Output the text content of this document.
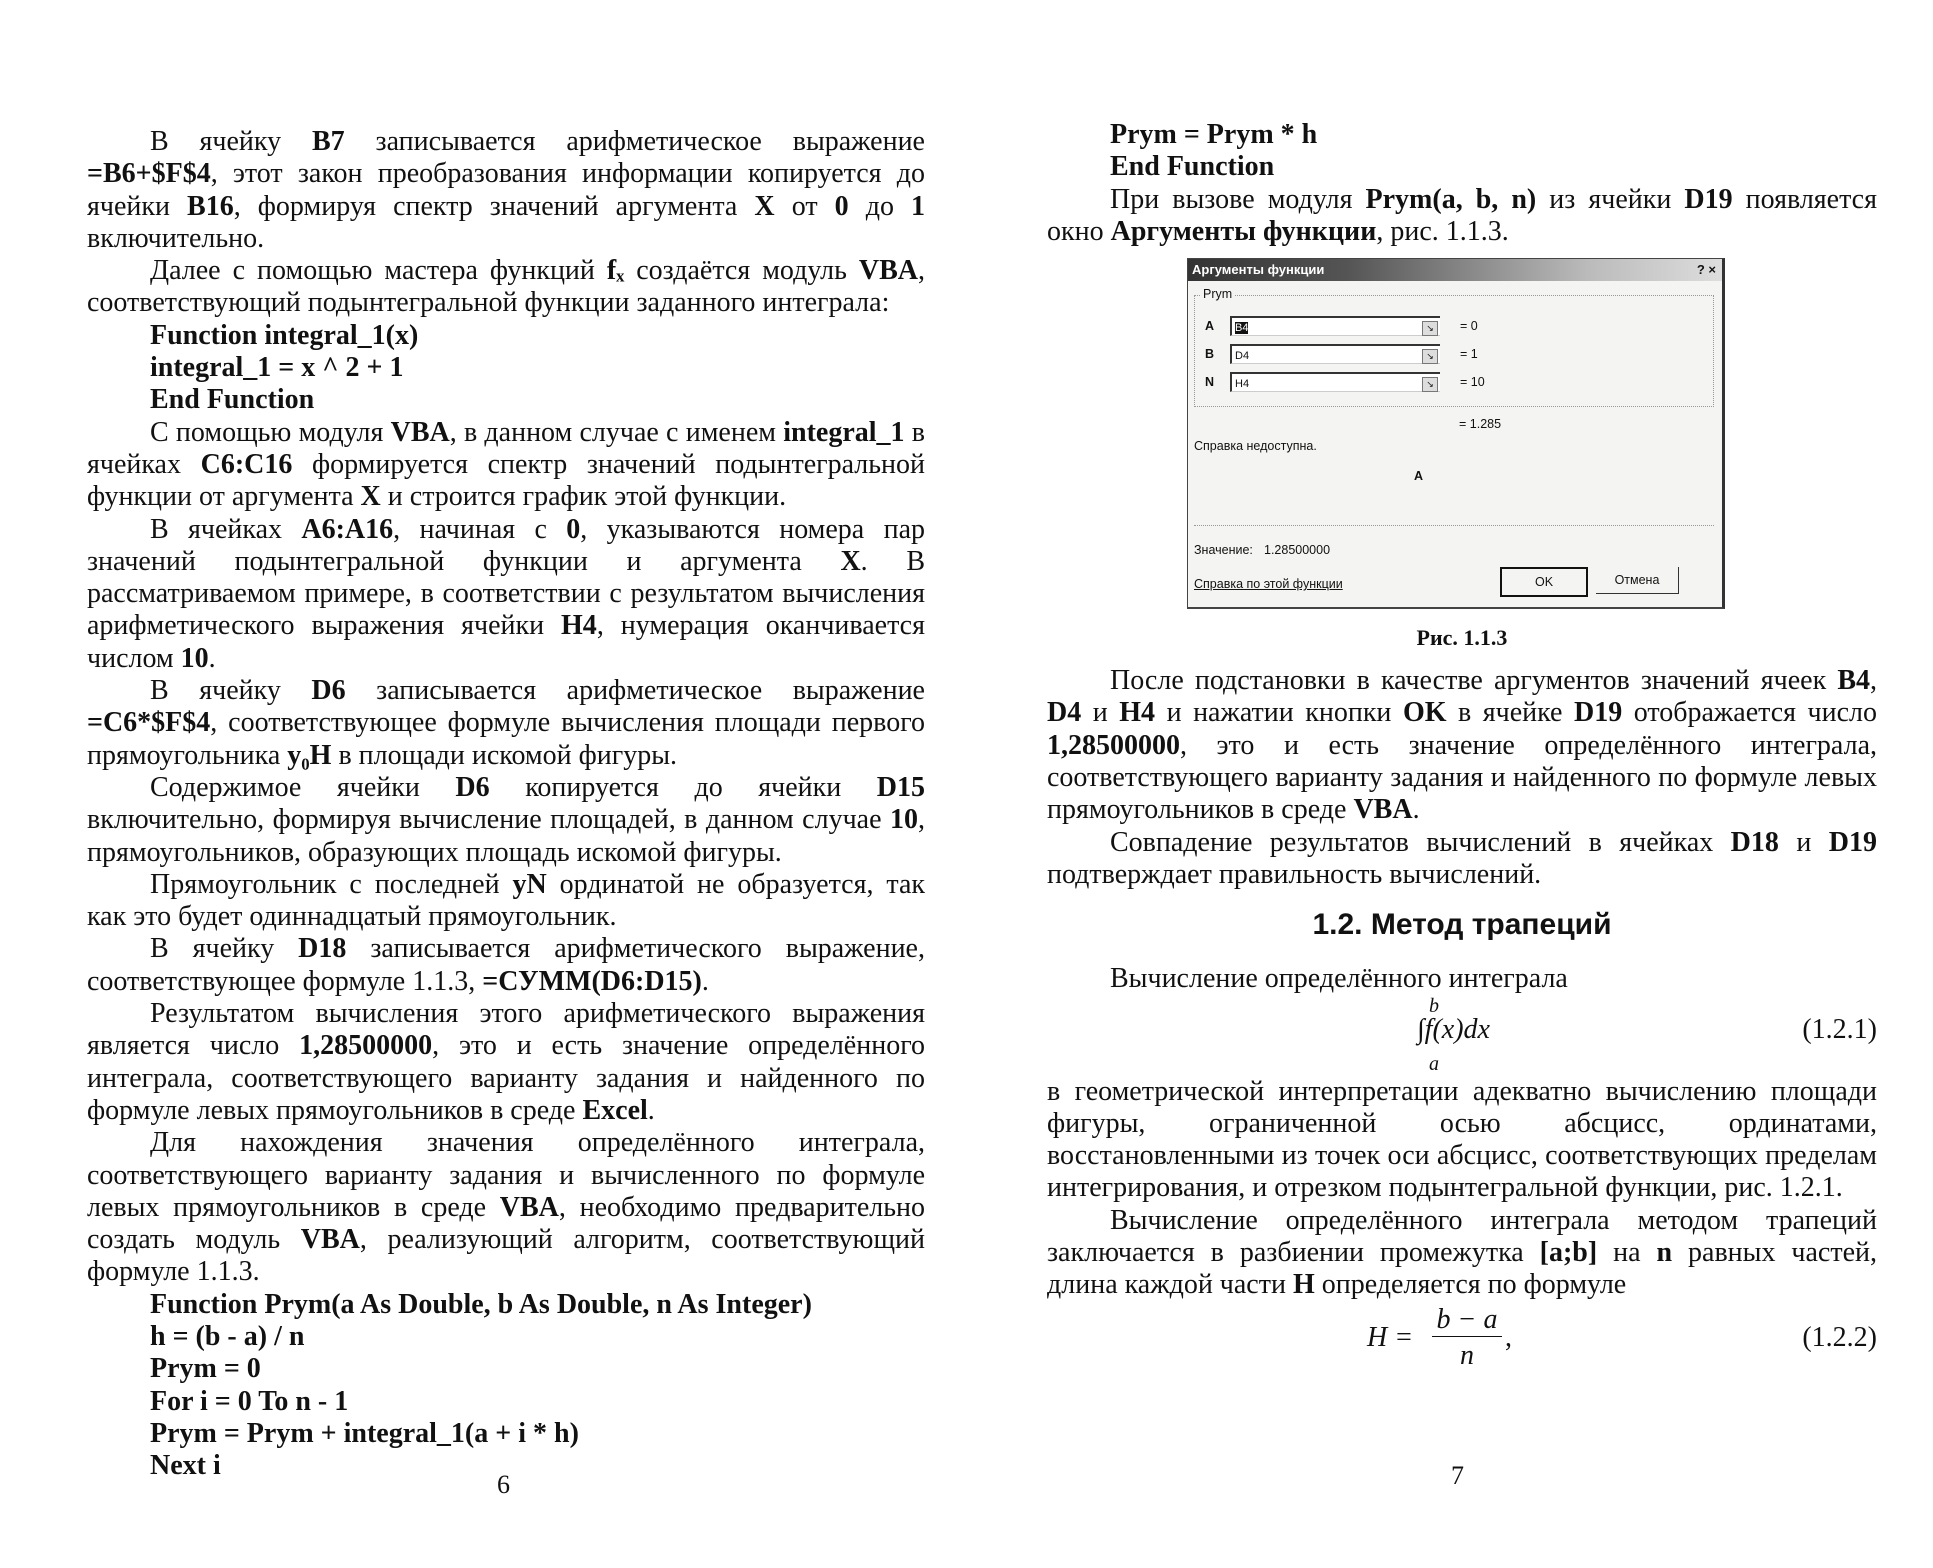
В ячейку B7 записывается арифметическое выражение =B6+$F$4, этот закон преобразования информации копируется до ячейки B16, формируя спектр значений аргумента X от 0 до 1 включительно.

Далее с помощью мастера функций fₓ создаётся модуль VBA, соответствующий подынтегральной функции заданного интеграла:

Function integral_1(x)
integral_1 = x ^ 2 + 1
End Function

С помощью модуля VBA, в данном случае с именем integral_1 в ячейках C6:C16 формируется спектр значений подынтегральной функции от аргумента X и строится график этой функции.

В ячейках A6:A16, начиная с 0, указываются номера пар значений подынтегральной функции и аргумента X. В рассматриваемом примере, в соответствии с результатом вычисления арифметического выражения ячейки H4, нумерация оканчивается числом 10.

В ячейку D6 записывается арифметическое выражение =C6*$F$4, соответствующее формуле вычисления площади первого прямоугольника y₀H в площади искомой фигуры.

Содержимое ячейки D6 копируется до ячейки D15 включительно, формируя вычисление площадей, в данном случае 10, прямоугольников, образующих площадь искомой фигуры.

Прямоугольник с последней yN ординатой не образуется, так как это будет одиннадцатый прямоугольник.

В ячейку D18 записывается арифметического выражение, соответствующее формуле 1.1.3, =СУММ(D6:D15).

Результатом вычисления этого арифметического выражения является число 1,28500000, это и есть значение определённого интеграла, соответствующего варианту задания и найденного по формуле левых прямоугольников в среде Excel.

Для нахождения значения определённого интеграла, соответствующего варианту задания и вычисленного по формуле левых прямоугольников в среде VBA, необходимо предварительно создать модуль VBA, реализующий алгоритм, соответствующий формуле 1.1.3.

Function Prym(a As Double, b As Double, n As Integer)
h = (b - a) / n
Prym = 0
For i = 0 To n - 1
Prym = Prym + integral_1(a + i * h)
Next i
Prym = Prym * h
End Function

При вызове модуля Prym(a, b, n) из ячейки D19 появляется окно Аргументы функции, рис. 1.1.3.

Аргументы функции	? ×
Prym
A	B4	↘	= 0
B	D4	↘	= 1
N	H4	↘	= 10
= 1.285
Справка недоступна.
A
Значение: 1.28500000
Справка по этой функции	OK	Отмена
Рис. 1.1.3

После подстановки в качестве аргументов значений ячеек B4, D4 и H4 и нажатии кнопки OK в ячейке D19 отображается число 1,28500000, это и есть значение определённого интеграла, соответствующего варианту задания и найденного по формуле левых прямоугольников в среде VBA.

Совпадение результатов вычислений в ячейках D18 и D19 подтверждает правильность вычислений.

1.2. Метод трапеций

Вычисление определённого интеграла

b
∫f(x)dx
a
(1.2.1)

в геометрической интерпретации адекватно вычислению площади фигуры, ограниченной осью абсцисс, ординатами, восстановленными из точек оси абсцисс, соответствующих пределам интегрирования, и отрезком подынтегральной функции, рис. 1.2.1.

Вычисление определённого интеграла методом трапеций заключается в разбиении промежутка [a;b] на n равных частей, длина каждой части H определяется по формуле

H =
b − a
n
,	(1.2.2)
6	7
